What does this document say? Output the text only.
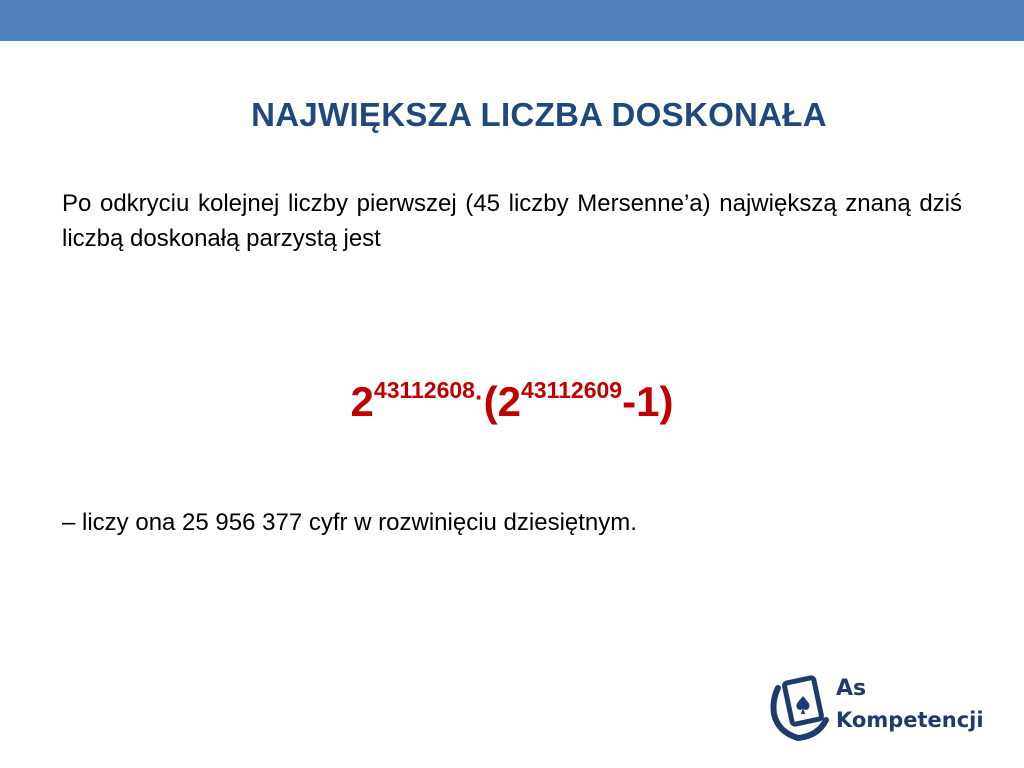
NAJWIĘKSZA LICZBA DOSKONAŁA

Po odkryciu kolejnej liczby pierwszej (45 liczby Mersenne’a) największą znaną dziś liczbą doskonałą parzystą jest

$2^{43112608\cdot}(2^{43112609}-1)$

– liczy ona 25 956 377 cyfr w rozwinięciu dziesiętnym.

As
Kompetencji
